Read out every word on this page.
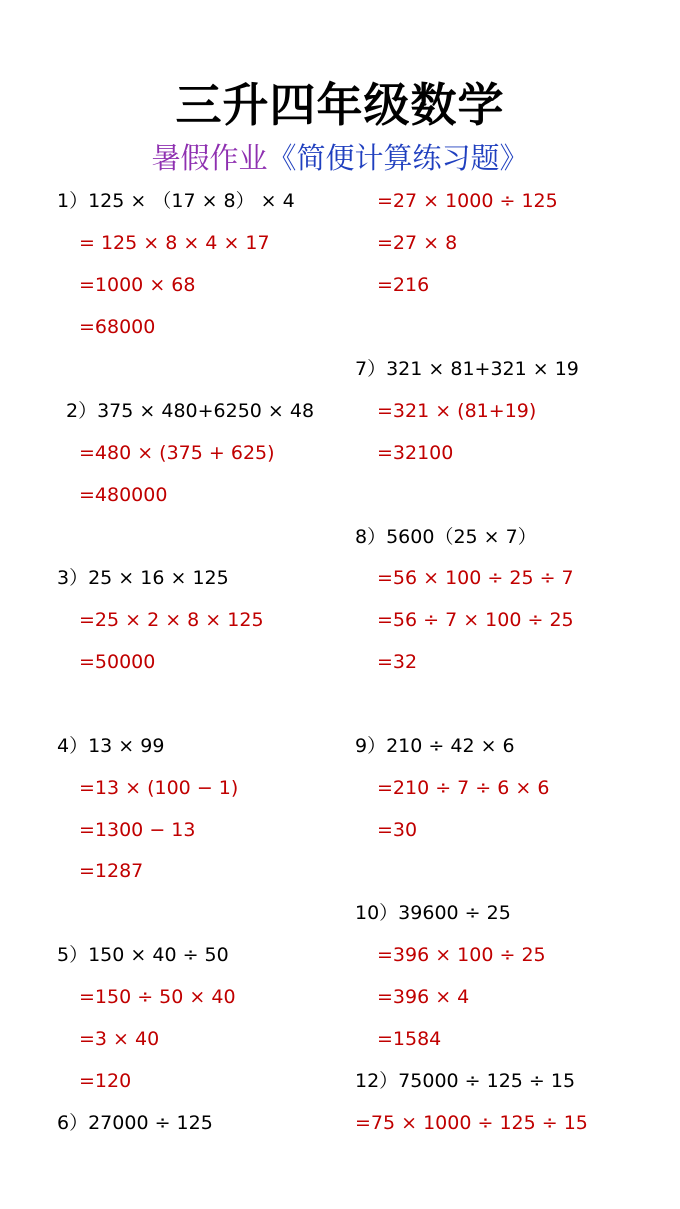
三升四年级数学
暑假作业《简便计算练习题》
1）125 × （17 × 8） × 4
= 125 × 8 × 4 × 17
=1000 × 68
=68000
2）375 × 480+6250 × 48
=480 × (375 + 625)
=480000
3）25 × 16 × 125
=25 × 2 × 8 × 125
=50000
4）13 × 99
=13 × (100 − 1)
=1300 − 13
=1287
5）150 × 40 ÷ 50
=150 ÷ 50 × 40
=3 × 40
=120
6）27000 ÷ 125
=27 × 1000 ÷ 125
=27 × 8
=216
7）321 × 81+321 × 19
=321 × (81+19)
=32100
8）5600（25 × 7）
=56 × 100 ÷ 25 ÷ 7
=56 ÷ 7 × 100 ÷ 25
=32
9）210 ÷ 42 × 6
=210 ÷ 7 ÷ 6 × 6
=30
10）39600 ÷ 25
=396 × 100 ÷ 25
=396 × 4
=1584
12）75000 ÷ 125 ÷ 15
=75 × 1000 ÷ 125 ÷ 15
